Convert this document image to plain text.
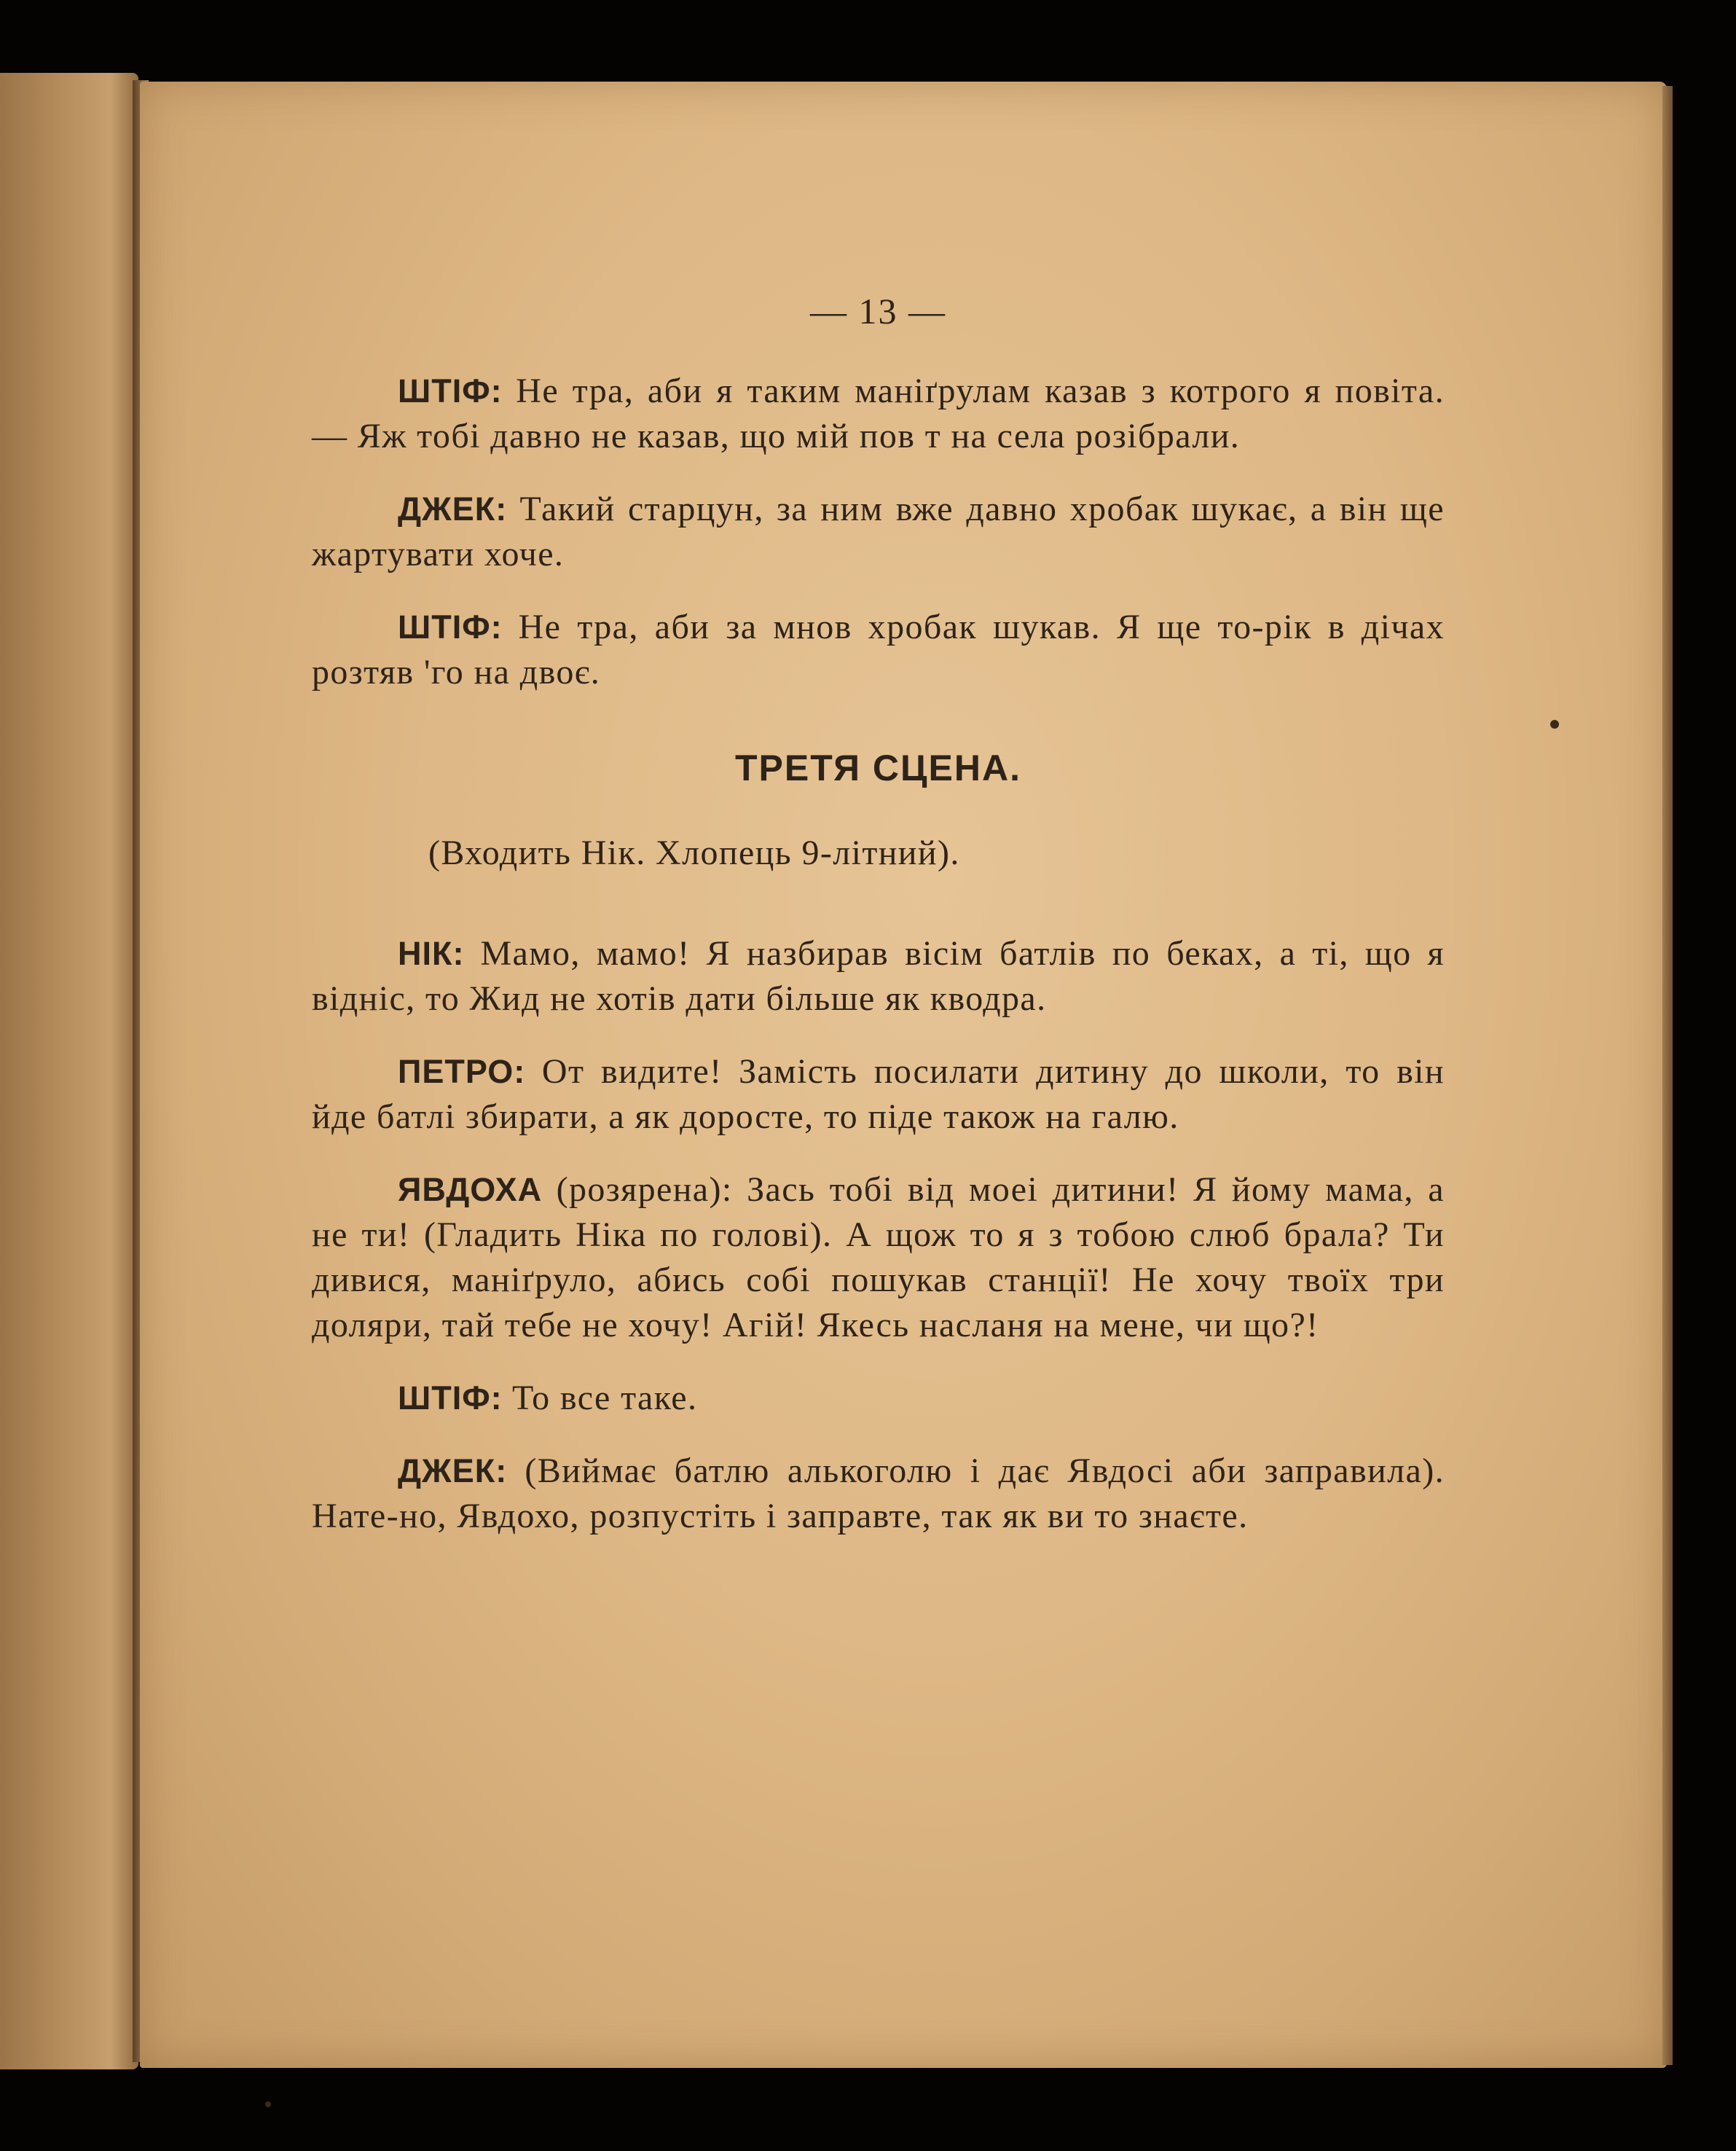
— 13 —

ШТІФ: Не тра, аби я таким маніґрулам казав з котрого я повіта. — Яж тобі давно не казав, що мій пов т на села розібрали.

ДЖЕК: Такий старцун, за ним вже давно хробак шукає, а він ще жартувати хоче.

ШТІФ: Не тра, аби за мнов хробак шукав. Я ще то-рік в дічах розтяв 'го на двоє.

ТРЕТЯ СЦЕНА.
(Входить Нік. Хлопець 9-літний).

НІК: Мамо, мамо! Я назбирав вісім батлів по беках, а ті, що я відніс, то Жид не хотів дати більше як кводра.

ПЕТРО: От видите! Замість посилати дитину до школи, то він йде батлі збирати, а як доросте, то піде також на галю.

ЯВДОХА (розярена): Зась тобі від моеі дитини! Я йому мама, а не ти! (Гладить Ніка по голові). А щож то я з тобою слюб брала? Ти дивися, маніґруло, абись собі пошукав станції! Не хочу твоїх три доляри, тай тебе не хочу! Агій! Якесь насланя на мене, чи що?!

ШТІФ: То все таке.

ДЖЕК: (Виймає батлю алькоголю і дає Явдосі аби заправила). Нате-но, Явдохо, розпустіть і заправте, так як ви то знаєте.
